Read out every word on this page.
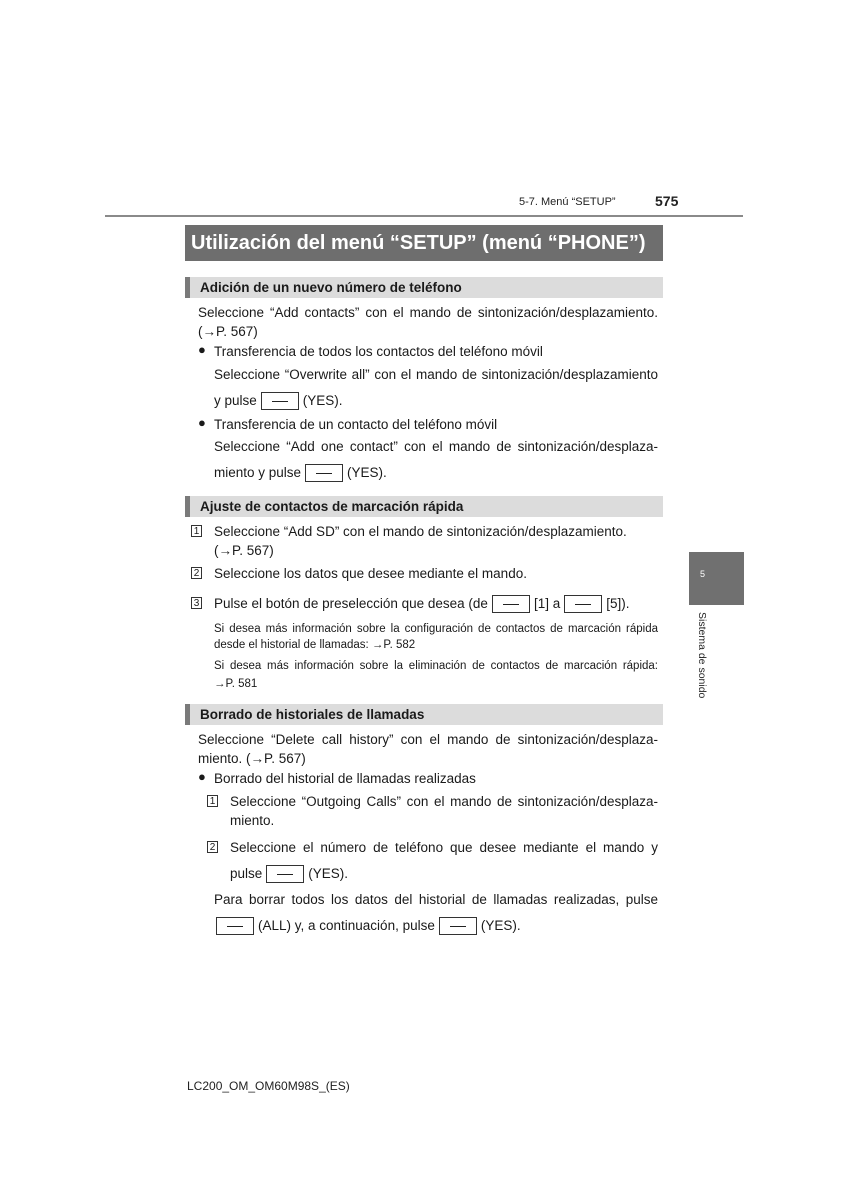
5-7. Menú “SETUP”	575
Utilización del menú “SETUP” (menú “PHONE”)
Adición de un nuevo número de teléfono
Seleccione “Add contacts” con el mando de sintonización/desplazamiento.
(→P. 567)
● Transferencia de todos los contactos del teléfono móvil
Seleccione “Overwrite all” con el mando de sintonización/desplazamiento
y pulse	(YES).
● Transferencia de un contacto del teléfono móvil
Seleccione “Add one contact” con el mando de sintonización/desplaza-
miento y pulse	(YES).
Ajuste de contactos de marcación rápida
1 Seleccione “Add SD” con el mando de sintonización/desplazamiento.
(→P. 567)
2 Seleccione los datos que desee mediante el mando.
3 Pulse el botón de preselección que desea (de	[1] a	[5]).
Si desea más información sobre la configuración de contactos de marcación rápida
desde el historial de llamadas: →P. 582
Si desea más información sobre la eliminación de contactos de marcación rápida:
→P. 581
Borrado de historiales de llamadas
Seleccione “Delete call history” con el mando de sintonización/desplaza-
miento. (→P. 567)
● Borrado del historial de llamadas realizadas
1 Seleccione “Outgoing Calls” con el mando de sintonización/desplaza-
miento.
2 Seleccione el número de teléfono que desee mediante el mando y
pulse	(YES).
Para borrar todos los datos del historial de llamadas realizadas, pulse
(ALL) y, a continuación, pulse	(YES).
5
Sistema de sonido
LC200_OM_OM60M98S_(ES)
